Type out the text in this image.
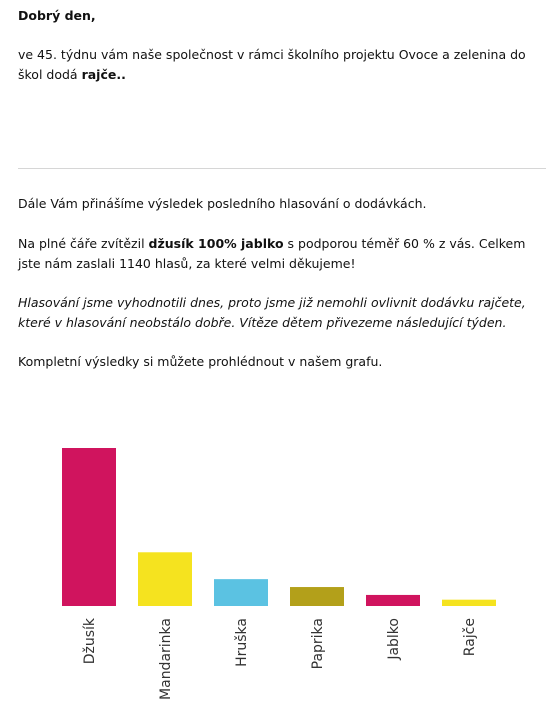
Dobrý den,

ve 45. týdnu vám naše společnost v rámci školního projektu Ovoce a zelenina do škol dodá rajče..

Dále Vám přinášíme výsledek posledního hlasování o dodávkách.

Na plné čáře zvítězil džusík 100% jablko s podporou téměř 60 % z vás. Celkem jste nám zaslali 1140 hlasů, za které velmi děkujeme!

Hlasování jsme vyhodnotili dnes, proto jsme již nemohli ovlivnit dodávku rajčete, které v hlasování neobstálo dobře. Vítěze dětem přivezeme následující týden.

Kompletní výsledky si můžete prohlédnout v našem grafu.

Džusík	Mandarinka	Hruška	Paprika	Jablko	Rajče
